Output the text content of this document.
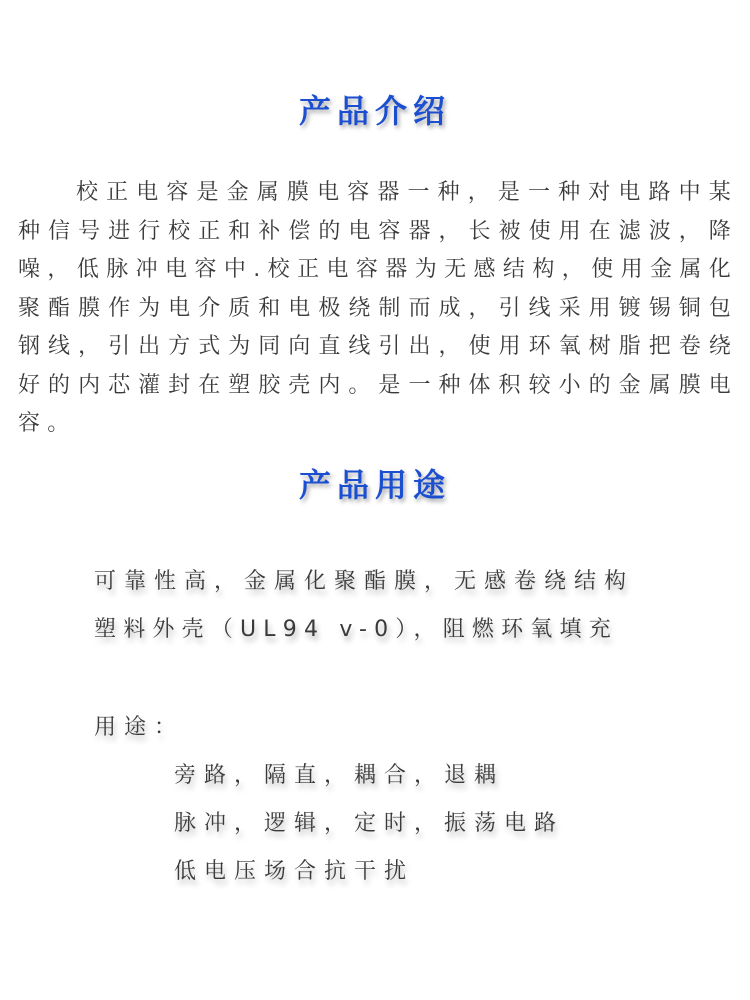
产品介绍
校正电容是金属膜电容器一种，是一种对电路中某种信号进行校正和补偿的电容器，长被使用在滤波，降噪，低脉冲电容中.校正电容器为无感结构，使用金属化聚酯膜作为电介质和电极绕制而成，引线采用镀锡铜包钢线，引出方式为同向直线引出，使用环氧树脂把卷绕好的内芯灌封在塑胶壳内。是一种体积较小的金属膜电容。
产品用途
可靠性高，金属化聚酯膜，无感卷绕结构
塑料外壳（UL94 v-0），阻燃环氧填充
用途：
旁路，隔直，耦合，退耦
脉冲，逻辑，定时，振荡电路
低电压场合抗干扰
